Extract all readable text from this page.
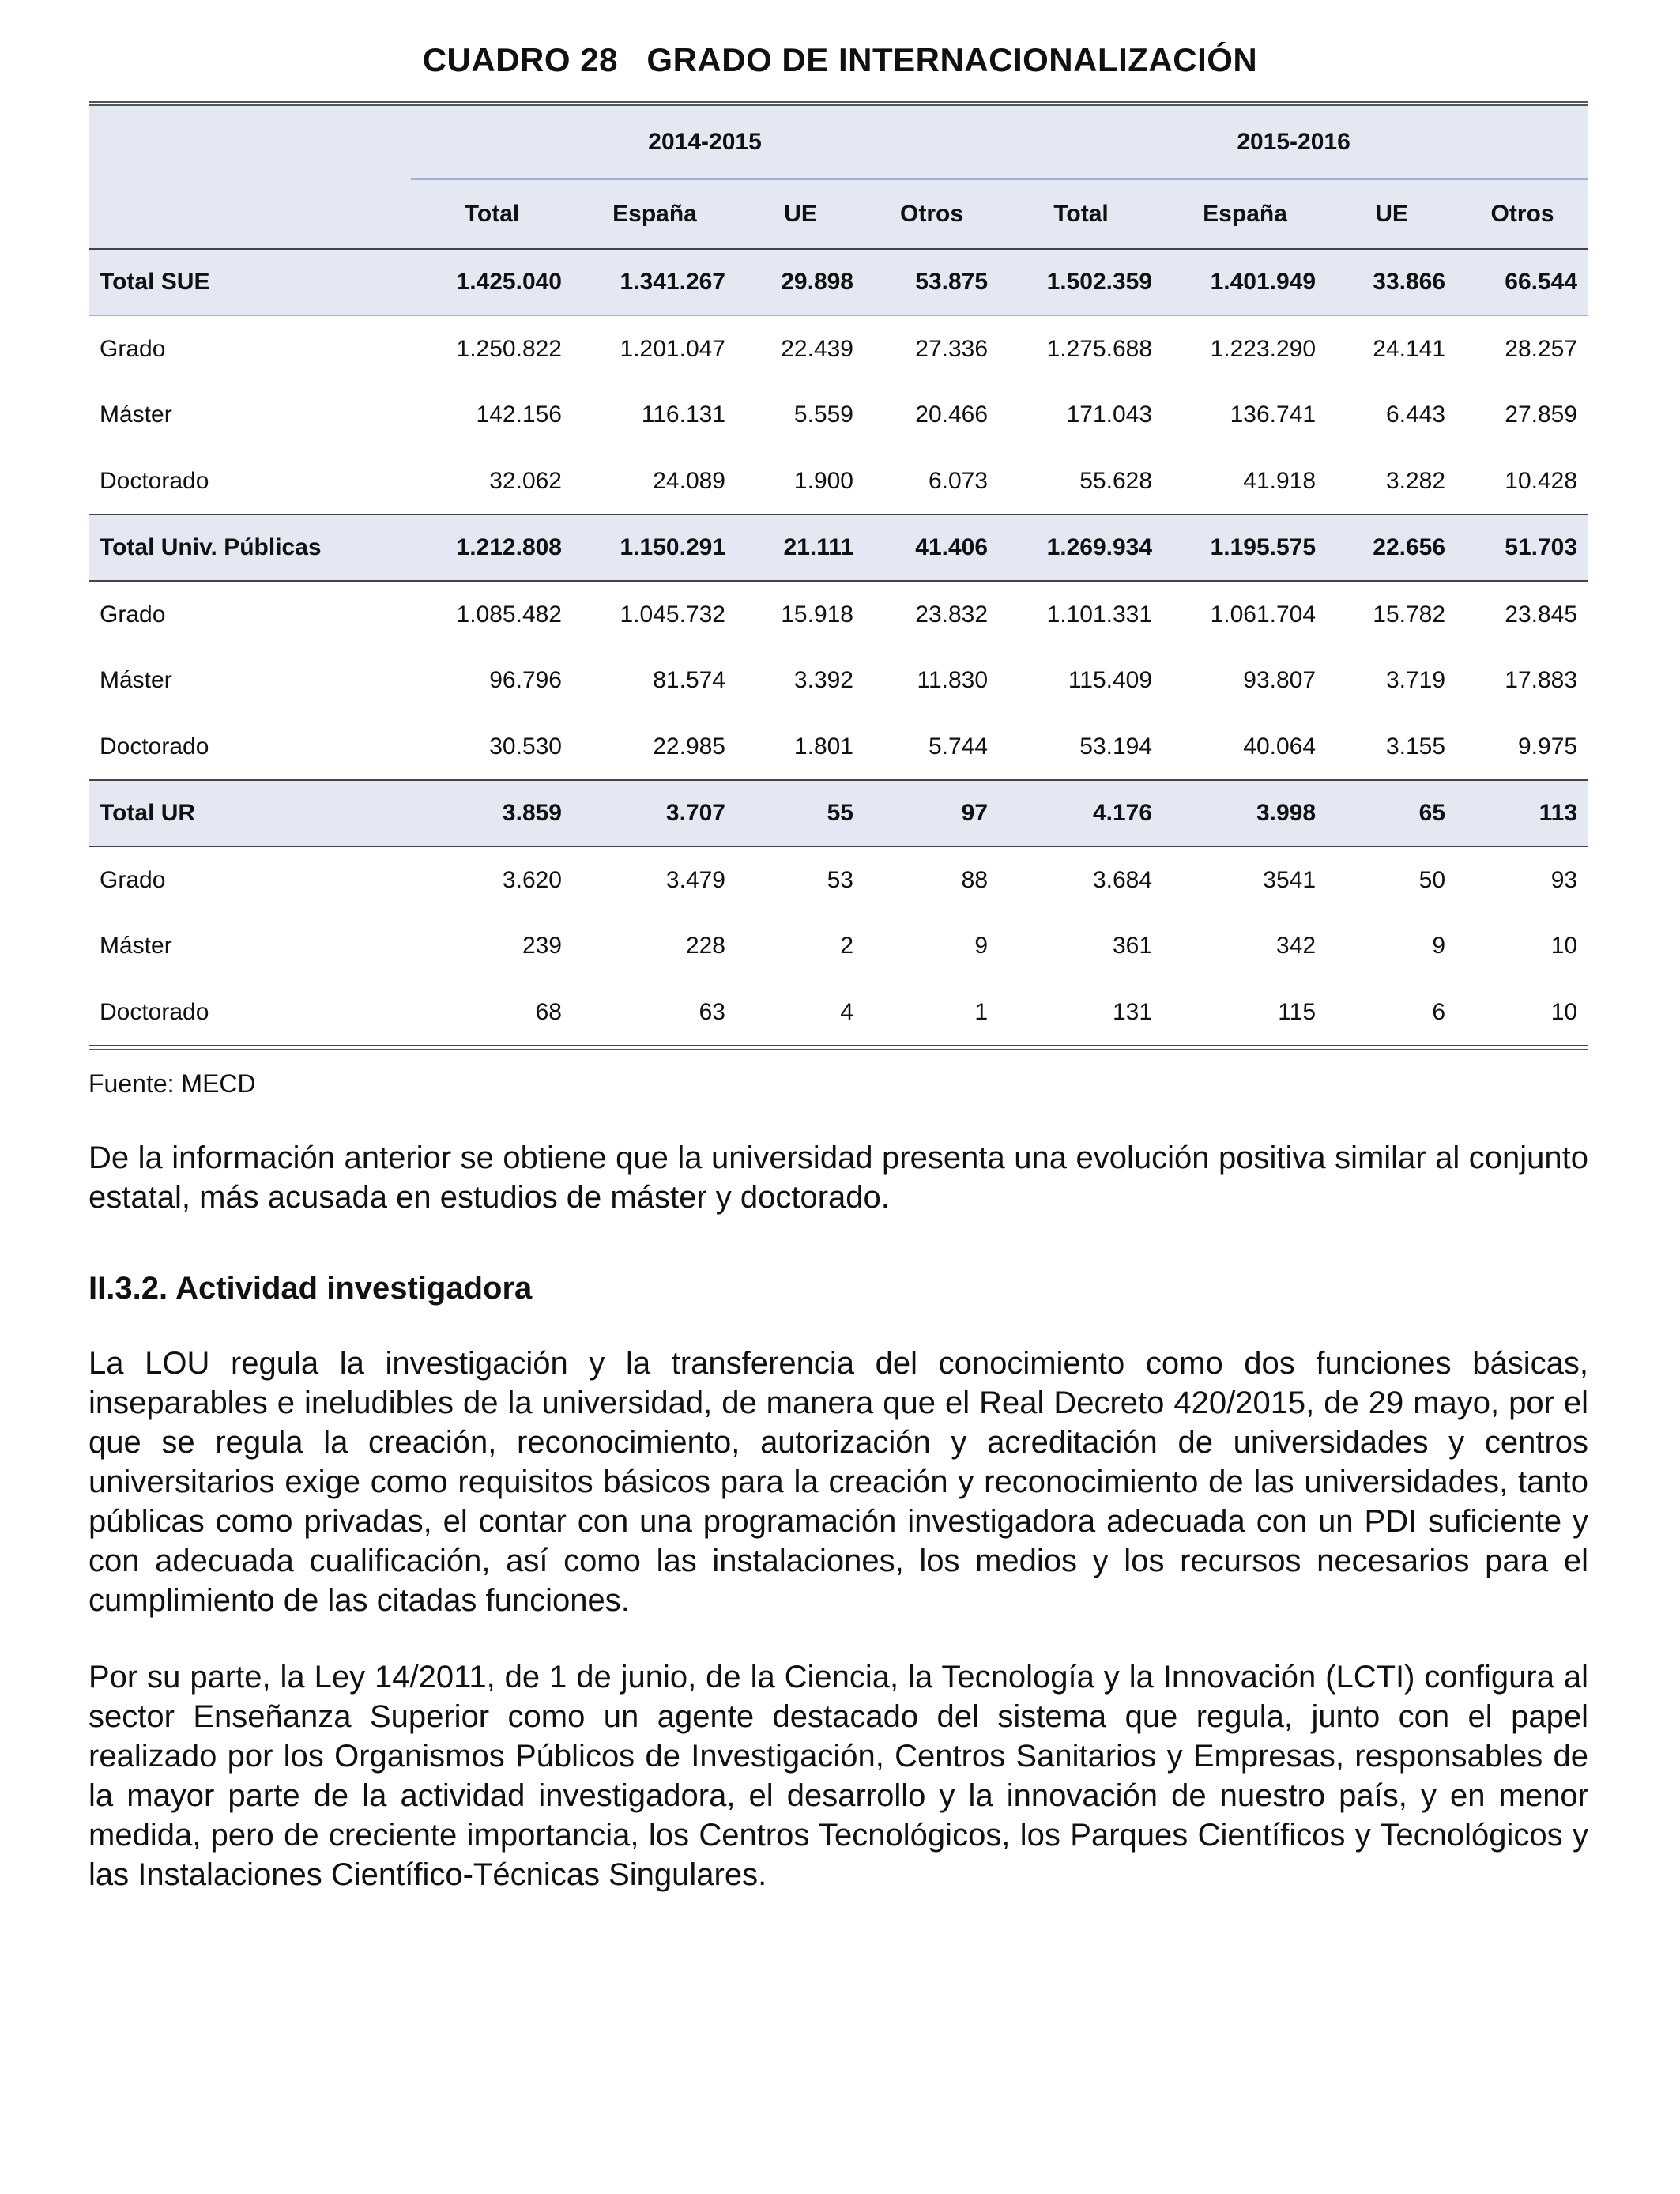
CUADRO 28   GRADO DE INTERNACIONALIZACIÓN
	2014-2015				2015-2016			
	Total	España	UE	Otros	Total	España	UE	Otros
Total SUE	1.425.040	1.341.267	29.898	53.875	1.502.359	1.401.949	33.866	66.544
Grado	1.250.822	1.201.047	22.439	27.336	1.275.688	1.223.290	24.141	28.257
Máster	142.156	116.131	5.559	20.466	171.043	136.741	6.443	27.859
Doctorado	32.062	24.089	1.900	6.073	55.628	41.918	3.282	10.428
Total Univ. Públicas	1.212.808	1.150.291	21.111	41.406	1.269.934	1.195.575	22.656	51.703
Grado	1.085.482	1.045.732	15.918	23.832	1.101.331	1.061.704	15.782	23.845
Máster	96.796	81.574	3.392	11.830	115.409	93.807	3.719	17.883
Doctorado	30.530	22.985	1.801	5.744	53.194	40.064	3.155	9.975
Total UR	3.859	3.707	55	97	4.176	3.998	65	113
Grado	3.620	3.479	53	88	3.684	3541	50	93
Máster	239	228	2	9	361	342	9	10
Doctorado	68	63	4	1	131	115	6	10
Fuente: MECD
De la información anterior se obtiene que la universidad presenta una evolución positiva similar al conjunto estatal, más acusada en estudios de máster y doctorado.
II.3.2. Actividad investigadora
La LOU regula la investigación y la transferencia del conocimiento como dos funciones básicas, inseparables e ineludibles de la universidad, de manera que el Real Decreto 420/2015, de 29 mayo, por el que se regula la creación, reconocimiento, autorización y acreditación de universidades y centros universitarios exige como requisitos básicos para la creación y reconocimiento de las universidades, tanto públicas como privadas, el contar con una programación investigadora adecuada con un PDI suficiente y con adecuada cualificación, así como las instalaciones, los medios y los recursos necesarios para el cumplimiento de las citadas funciones.
Por su parte, la Ley 14/2011, de 1 de junio, de la Ciencia, la Tecnología y la Innovación (LCTI) configura al sector Enseñanza Superior como un agente destacado del sistema que regula, junto con el papel realizado por los Organismos Públicos de Investigación, Centros Sanitarios y Empresas, responsables de la mayor parte de la actividad investigadora, el desarrollo y la innovación de nuestro país, y en menor medida, pero de creciente importancia, los Centros Tecnológicos, los Parques Científicos y Tecnológicos y las Instalaciones Científico-Técnicas Singulares.
